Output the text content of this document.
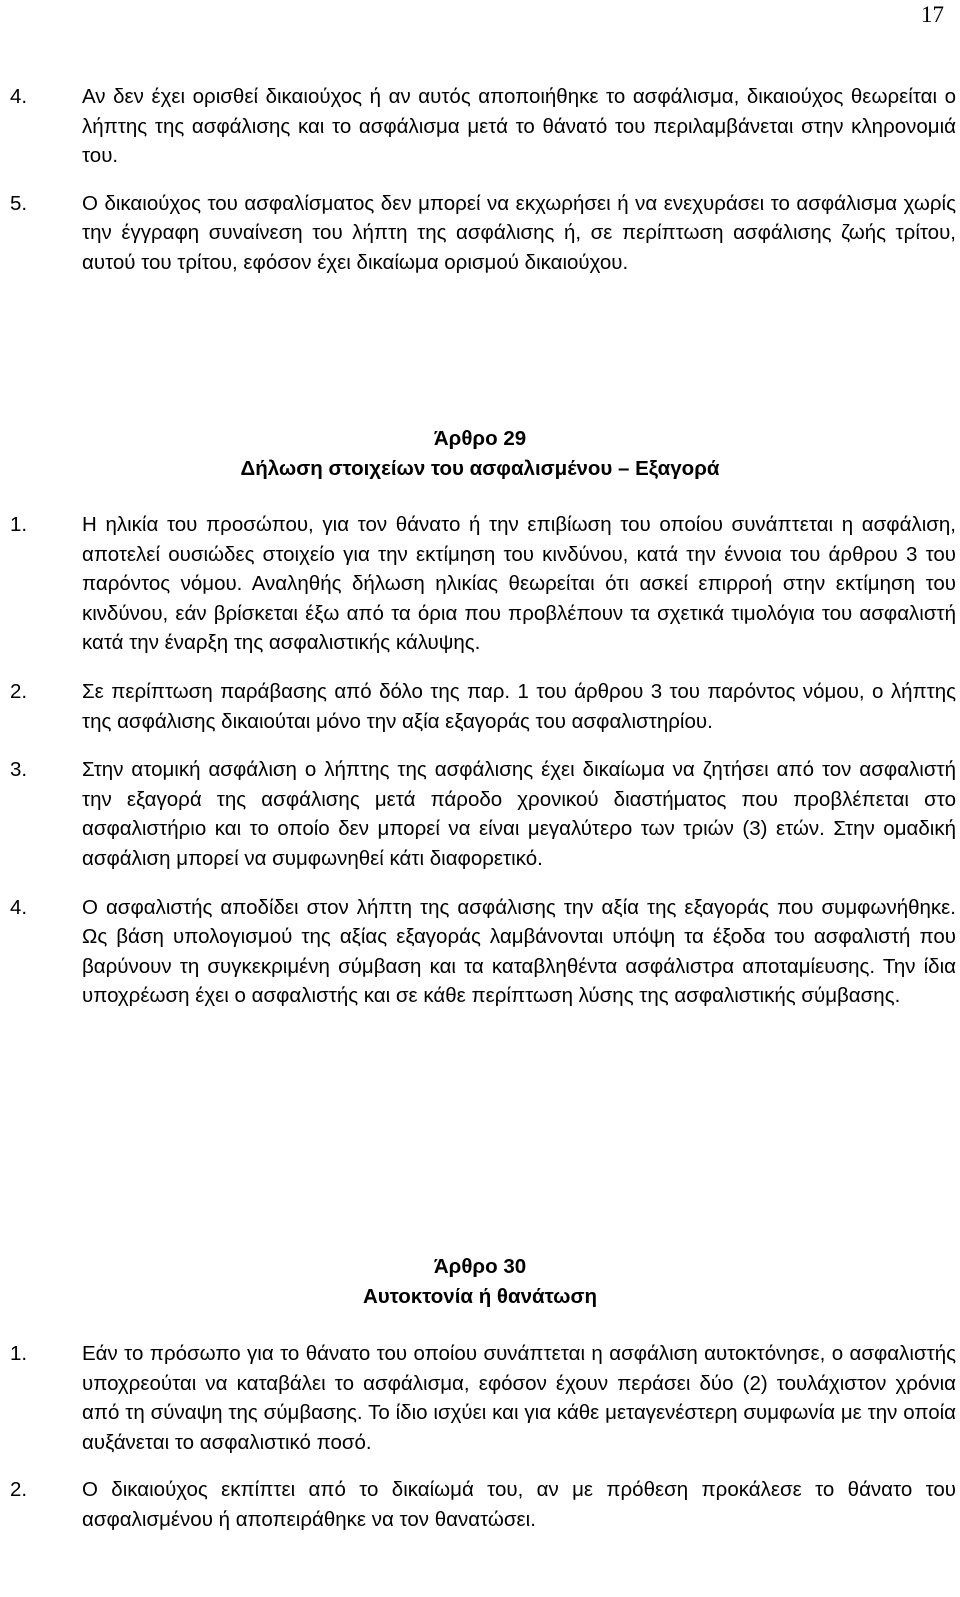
17
4.	Αν δεν έχει ορισθεί δικαιούχος ή αν αυτός αποποιήθηκε το ασφάλισμα, δικαιούχος θεωρείται ο λήπτης της ασφάλισης και το ασφάλισμα μετά το θάνατό του περιλαμβάνεται στην κληρονομιά του.
5.	Ο δικαιούχος του ασφαλίσματος δεν μπορεί να εκχωρήσει ή να ενεχυράσει το ασφάλισμα χωρίς την έγγραφη συναίνεση του λήπτη της ασφάλισης ή, σε περίπτωση ασφάλισης ζωής τρίτου, αυτού του τρίτου, εφόσον έχει δικαίωμα ορισμού δικαιούχου.
Άρθρο 29
Δήλωση στοιχείων του ασφαλισμένου – Εξαγορά
1.	Η ηλικία του προσώπου, για τον θάνατο ή την επιβίωση του οποίου συνάπτεται η ασφάλιση, αποτελεί ουσιώδες στοιχείο για την εκτίμηση του κινδύνου, κατά την έννοια του άρθρου 3 του παρόντος νόμου. Αναληθής δήλωση ηλικίας θεωρείται ότι ασκεί επιρροή στην εκτίμηση του κινδύνου, εάν βρίσκεται έξω από τα όρια που προβλέπουν τα σχετικά τιμολόγια του ασφαλιστή κατά την έναρξη της ασφαλιστικής κάλυψης.
2.	Σε περίπτωση παράβασης από δόλο της παρ. 1 του άρθρου 3 του παρόντος νόμου, ο λήπτης της ασφάλισης δικαιούται μόνο την αξία εξαγοράς του ασφαλιστηρίου.
3.	Στην ατομική ασφάλιση ο λήπτης της ασφάλισης έχει δικαίωμα να ζητήσει από τον ασφαλιστή την εξαγορά της ασφάλισης μετά πάροδο χρονικού διαστήματος που προβλέπεται στο ασφαλιστήριο και το οποίο δεν μπορεί να είναι μεγαλύτερο των τριών (3) ετών. Στην ομαδική ασφάλιση μπορεί να συμφωνηθεί κάτι διαφορετικό.
4.	Ο ασφαλιστής αποδίδει στον λήπτη της ασφάλισης την αξία της εξαγοράς που συμφωνήθηκε. Ως βάση υπολογισμού της αξίας εξαγοράς λαμβάνονται υπόψη τα έξοδα του ασφαλιστή που βαρύνουν τη συγκεκριμένη σύμβαση και τα καταβληθέντα ασφάλιστρα αποταμίευσης. Την ίδια υποχρέωση έχει ο ασφαλιστής και σε κάθε περίπτωση λύσης της ασφαλιστικής σύμβασης.
Άρθρο 30
Αυτοκτονία ή θανάτωση
1.	Εάν το πρόσωπο για το θάνατο του οποίου συνάπτεται η ασφάλιση αυτοκτόνησε, ο ασφαλιστής υποχρεούται να καταβάλει το ασφάλισμα, εφόσον έχουν περάσει δύο (2) τουλάχιστον χρόνια από τη σύναψη της σύμβασης. Το ίδιο ισχύει και για κάθε μεταγενέστερη συμφωνία με την οποία αυξάνεται το ασφαλιστικό ποσό.
2.	Ο δικαιούχος εκπίπτει από το δικαίωμά του, αν με πρόθεση προκάλεσε το θάνατο του ασφαλισμένου ή αποπειράθηκε να τον θανατώσει.
